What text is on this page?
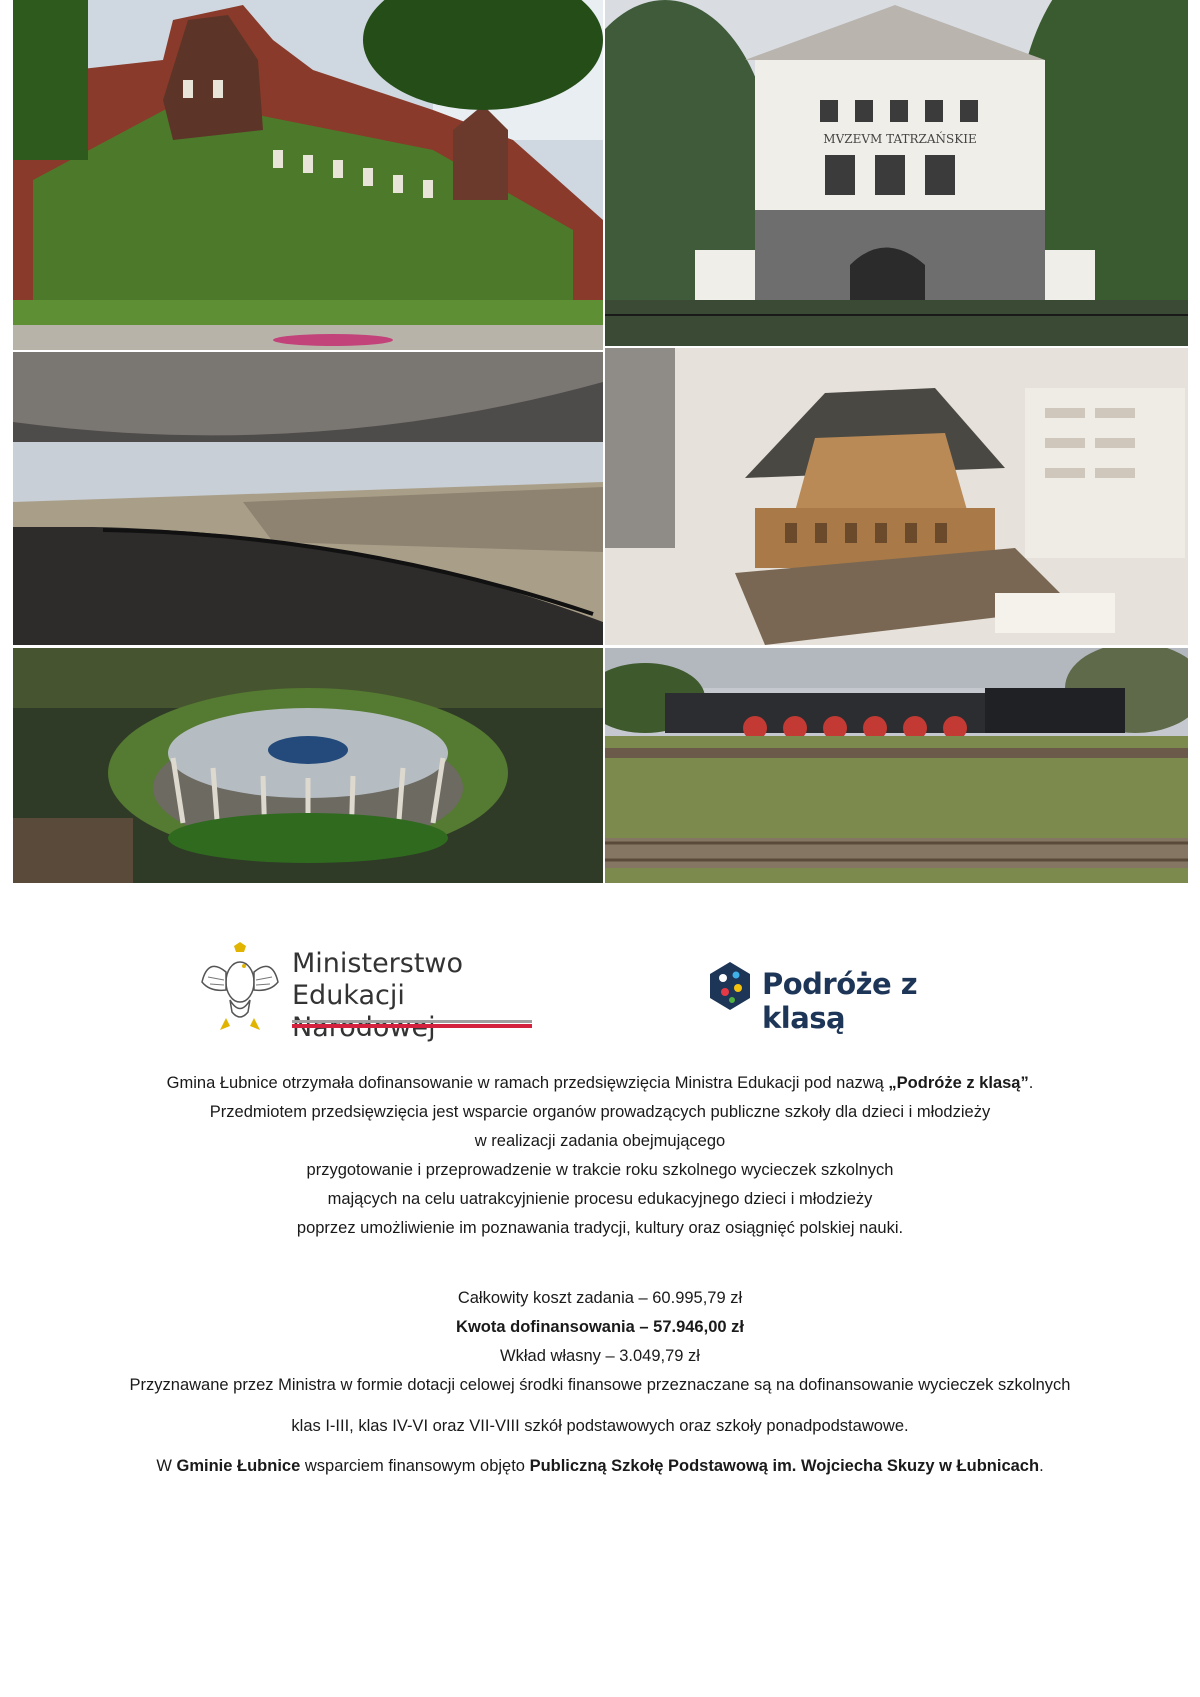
MVZEVM TATRZAŃSKIE
Ministerstwo
Edukacji	Podróże z klasą
Gmina Łubnice otrzymała dofinansowanie w ramach przedsięwzięcia Ministra Edukacji pod nazwą „Podróże z klasą”.
Przedmiotem przedsięwzięcia jest wsparcie organów prowadzących publiczne szkoły dla dzieci i młodzieży
w realizacji zadania obejmującego
przygotowanie i przeprowadzenie w trakcie roku szkolnego wycieczek szkolnych
mających na celu uatrakcyjnienie procesu edukacyjnego dzieci i młodzieży
poprzez umożliwienie im poznawania tradycji, kultury oraz osiągnięć polskiej nauki.
Całkowity koszt zadania – 60.995,79 zł
Kwota dofinansowania – 57.946,00 zł
Wkład własny – 3.049,79 zł
Przyznawane przez Ministra w formie dotacji celowej środki finansowe przeznaczane są na dofinansowanie wycieczek szkolnych
klas I-III, klas IV-VI oraz VII-VIII szkół podstawowych oraz szkoły ponadpodstawowe.
W Gminie Łubnice wsparciem finansowym objęto Publiczną Szkołę Podstawową im. Wojciecha Skuzy w Łubnicach.
